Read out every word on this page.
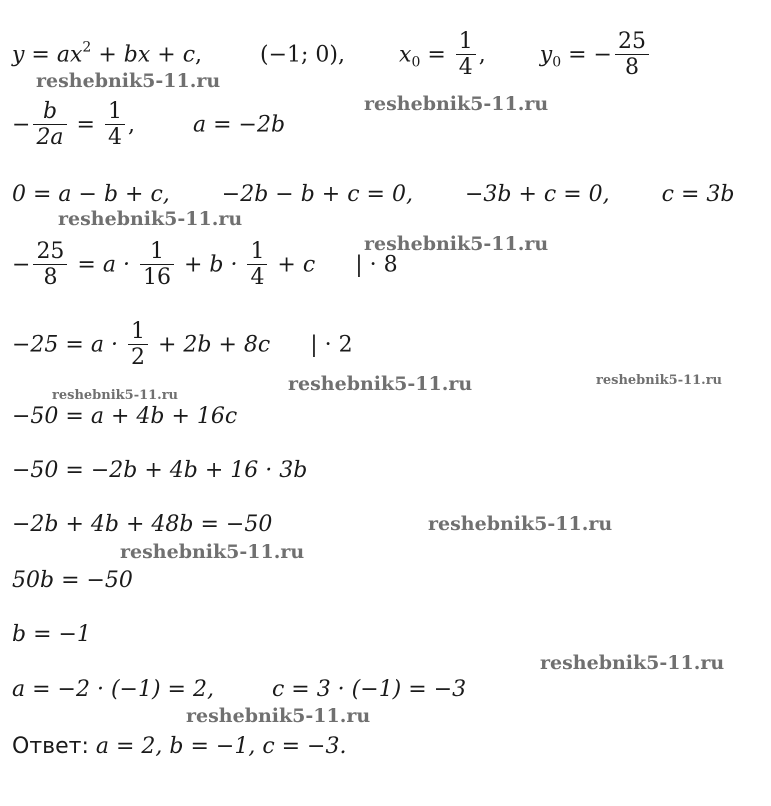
$y = ax^2$ + bx + c,	(−1; 0), $x_0 = \frac{1}{4}$ , $y_0$ = − $\frac{25}{8}$
− $\frac{b}{2a} = \frac{1}{4}$ ,	a = −2b
0 = a − b + c, −2b − b + c = 0, −3b + c = 0, c = 3b
− $\frac{25}{8} = a \cdot \frac{1}{16} + b \cdot \frac{1}{4} + c$ | · 8
$-25 = a \cdot \frac{1}{2} + 2b + 8c$ | · 2
−50 = a + 4b + 16c
−50 = −2b + 4b + 16 · 3b
−2b + 4b + 48b = −50
50b = −50
b = −1
a = −2 · (−1) = 2,	c = 3 · (−1) = −3
Ответ: a = 2, b = −1, c = −3.
reshebnik5-11.ru
reshebnik5-11.ru
reshebnik5-11.ru
reshebnik5-11.ru
reshebnik5-11.ru
reshebnik5-11.ru	reshebnik5-11.ru
reshebnik5-11.ru
reshebnik5-11.ru
reshebnik5-11.ru
reshebnik5-11.ru
